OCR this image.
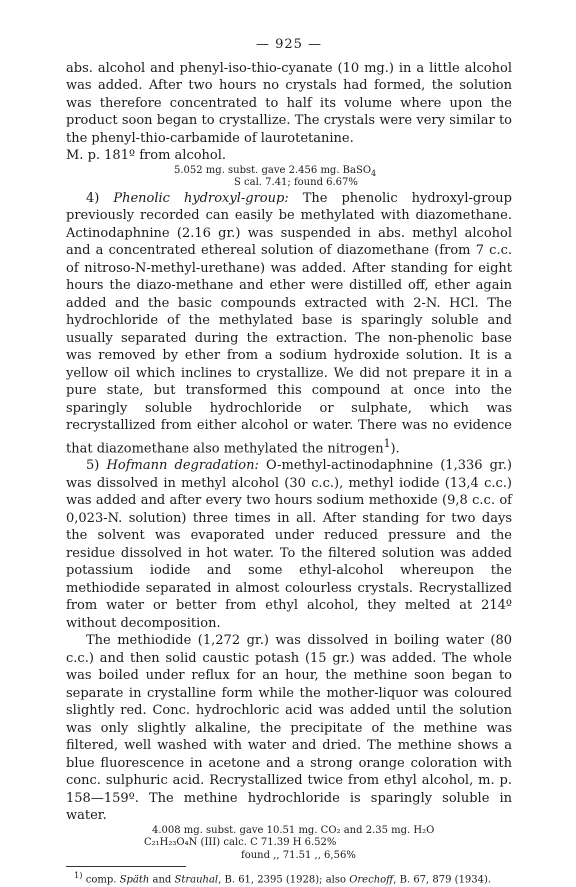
— 925 —

abs. alcohol and phenyl-iso-thio-cyanate (10 mg.) in a little alcohol was added. After two hours no crystals had formed, the solution was therefore concentrated to half its volume where upon the product soon began to crystallize. The crystals were very similar to the phenyl-thio-carbamide of laurotetanine.

M. p. 181º from alcohol.

5.052 mg. subst. gave 2.456 mg. BaSO$_4$
S cal. 7.41; found 6.67%

4) Phenolic hydroxyl-group: The phenolic hydroxyl-group previously recorded can easily be methylated with diazomethane. Actinodaphnine (2.16 gr.) was suspended in abs. methyl alcohol and a concentrated ethereal solution of diazomethane (from 7 c.c. of nitroso-N-methyl-urethane) was added. After standing for eight hours the diazo-methane and ether were distilled off, ether again added and the basic compounds extracted with 2-N. HCl. The hydrochloride of the methylated base is sparingly soluble and usually separated during the extraction. The non-phenolic base was removed by ether from a sodium hydroxide solution. It is a yellow oil which inclines to crystallize. We did not prepare it in a pure state, but transformed this compound at once into the sparingly soluble hydrochloride or sulphate, which was recrystallized from either alcohol or water. There was no evidence that diazomethane also methylated the nitrogen$^1$).

5) Hofmann degradation: O-methyl-actinodaphnine (1,336 gr.) was dissolved in methyl alcohol (30 c.c.), methyl iodide (13,4 c.c.) was added and after every two hours sodium methoxide (9,8 c.c. of 0,023-N. solution) three times in all. After standing for two days the solvent was evaporated under reduced pressure and the residue dissolved in hot water. To the filtered solution was added potassium iodide and some ethyl-alcohol whereupon the methiodide separated in almost colourless crystals. Recrystallized from water or better from ethyl alcohol, they melted at 214º without decomposition.

The methiodide (1,272 gr.) was dissolved in boiling water (80 c.c.) and then solid caustic potash (15 gr.) was added. The whole was boiled under reflux for an hour, the methine soon began to separate in crystalline form while the mother-liquor was coloured slightly red. Conc. hydrochloric acid was added until the solution was only slightly alkaline, the precipitate of the methine was filtered, well washed with water and dried. The methine shows a blue fluorescence in acetone and a strong orange coloration with conc. sulphuric acid. Recrystallized twice from ethyl alcohol, m. p. 158—159º. The methine hydrochloride is sparingly soluble in water.

4.008 mg. subst. gave 10.51 mg. CO₂ and 2.35 mg. H₂O
C₂₁H₂₃O₄N (III) calc. C 71.39 H 6.52%
found ,, 71.51 ,, 6,56%
$^{1)}$ comp. Späth and Strauhal, B. 61, 2395 (1928); also Orechoff, B. 67, 879 (1934).
